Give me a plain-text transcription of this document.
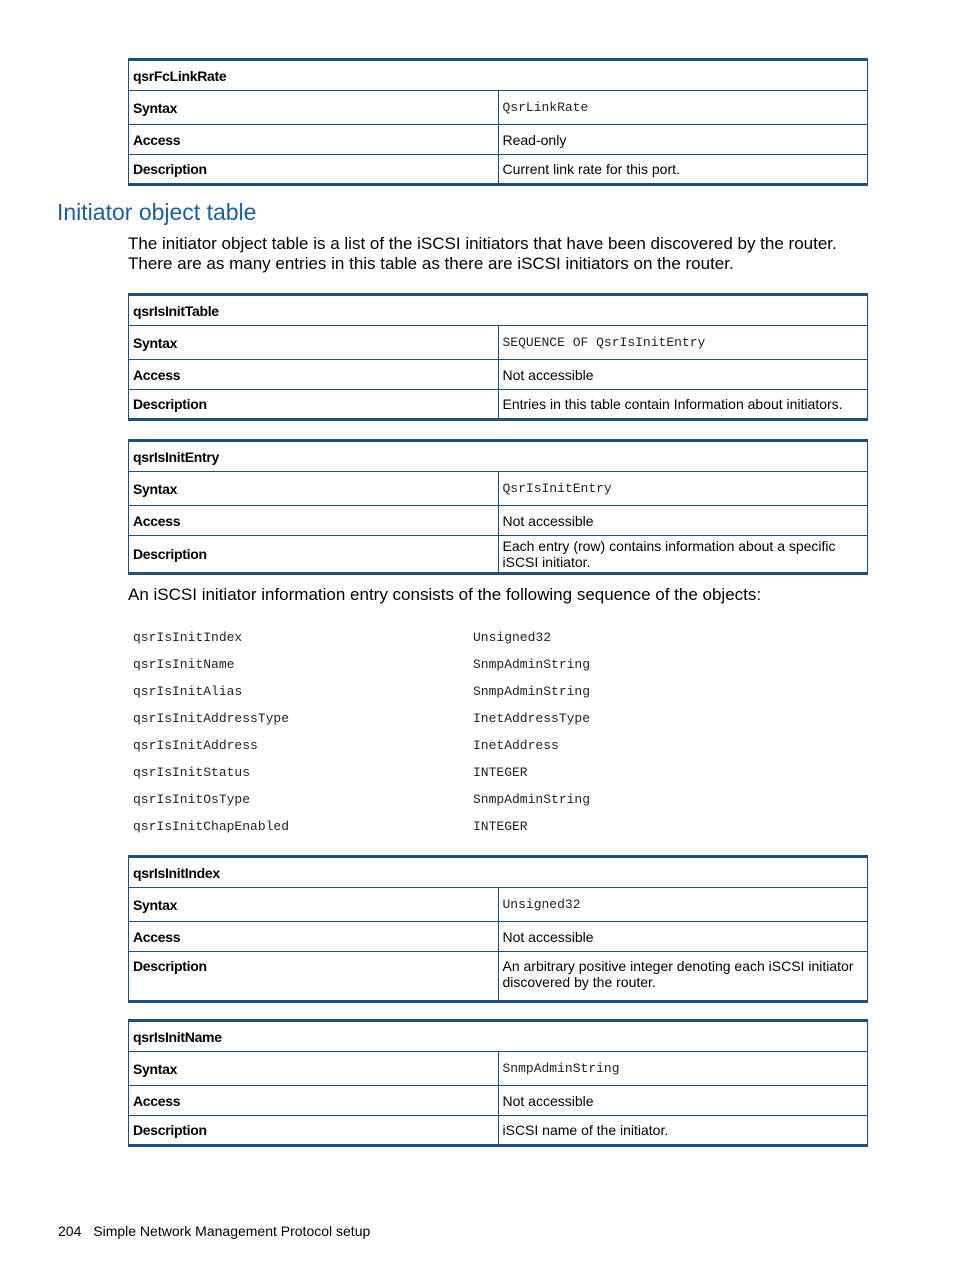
qsrFcLinkRate	
Syntax	QsrLinkRate
Access	Read-only
Description	Current link rate for this port.
Initiator object table

The initiator object table is a list of the iSCSI initiators that have been discovered by the router. There are as many entries in this table as there are iSCSI initiators on the router.

qsrIsInitTable	
Syntax	SEQUENCE OF QsrIsInitEntry
Access	Not accessible
Description	Entries in this table contain Information about initiators.
qsrIsInitEntry	
Syntax	QsrIsInitEntry
Access	Not accessible
Description	Each entry (row) contains information about a specific iSCSI initiator.

An iSCSI initiator information entry consists of the following sequence of the objects:

qsrIsInitIndex	Unsigned32
qsrIsInitName	SnmpAdminString
qsrIsInitAlias	SnmpAdminString
qsrIsInitAddressType	InetAddressType
qsrIsInitAddress	InetAddress
qsrIsInitStatus	INTEGER
qsrIsInitOsType	SnmpAdminString
qsrIsInitChapEnabled	INTEGER
qsrIsInitIndex	
Syntax	Unsigned32
Access	Not accessible
Description	An arbitrary positive integer denoting each iSCSI initiator discovered by the router.
qsrIsInitName	
Syntax	SnmpAdminString
Access	Not accessible
Description	iSCSI name of the initiator.
204 Simple Network Management Protocol setup
